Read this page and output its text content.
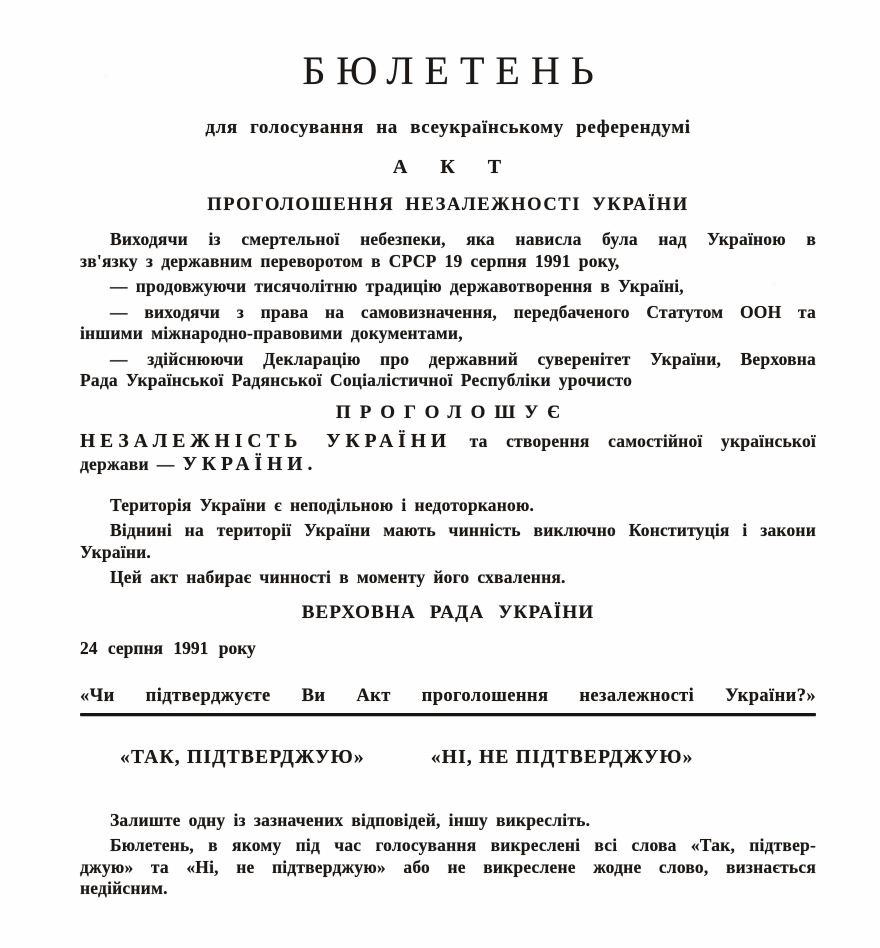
БЮЛЕТЕНЬ
для голосування на всеукраїнському референдумі
А К Т
ПРОГОЛОШЕННЯ НЕЗАЛЕЖНОСТІ УКРАЇНИ
Виходячи із смертельної небезпеки, яка нависла була над Україною в
зв'язку з державним переворотом в СРСР 19 серпня 1991 року,
— продовжуючи тисячолітню традицію державотворення в Україні,
— виходячи з права на самовизначення, передбаченого Статутом ООН та
іншими міжнародно-правовими документами,
— здійснюючи Декларацію про державний суверенітет України, Верховна
Рада Української Радянської Соціалістичної Республіки урочисто
ПРОГОЛОШУЄ
НЕЗАЛЕЖНІСТЬ УКРАЇНИ та створення самостійної української
держави — УКРАЇНИ.
Територія України є неподільною і недоторканою.
Віднині на території України мають чинність виключно Конституція і закони
України.
Цей акт набирає чинності в моменту його схвалення.
ВЕРХОВНА РАДА УКРАЇНИ
24 серпня 1991 року
«Чи підтверджуєте Ви Акт проголошення незалежності України?»
«ТАК, ПІДТВЕРДЖУЮ»	«НІ, НЕ ПІДТВЕРДЖУЮ»
Залиште одну із зазначених відповідей, іншу викресліть.
Бюлетень, в якому під час голосування викреслені всі слова «Так, підтвер-
джую» та «Ні, не підтверджую» або не викреслене жодне слово, визнається
недійсним.
